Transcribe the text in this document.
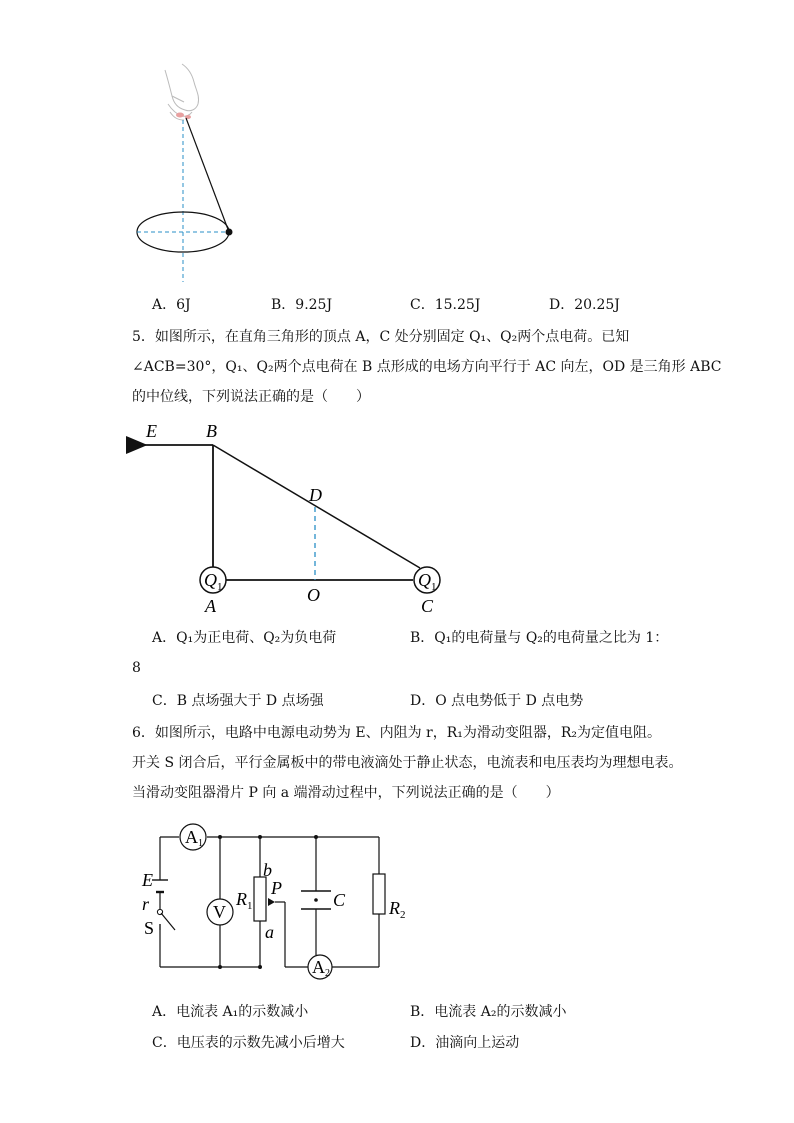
A．6J	B．9.25J	C．15.25J	D．20.25J
5．如图所示，在直角三角形的顶点 A，C 处分别固定 Q₁、Q₂两个点电荷。已知
∠ACB=30°，Q₁、Q₂两个点电荷在 B 点形成的电场方向平行于 AC 向左，OD 是三角形 ABC
的中位线，下列说法正确的是（　　）
$Q_1$	$Q_1$
E	B
D
A
O
C
A．Q₁为正电荷、Q₂为负电荷	B．Q₁的电荷量与 Q₂的电荷量之比为 1：
8
C．B 点场强大于 D 点场强	D．O 点电势低于 D 点电势
6．如图所示，电路中电源电动势为 E、内阻为 r，R₁为滑动变阻器，R₂为定值电阻。
开关 S 闭合后，平行金属板中的带电液滴处于静止状态，电流表和电压表均为理想电表。
当滑动变阻器滑片 P 向 a 端滑动过程中，下列说法正确的是（　　）
A1
A2
V
E
r
S
$R_1$
b
P
a
C $R_2$
A．电流表 A₁的示数减小	B．电流表 A₂的示数减小
C．电压表的示数先减小后增大	D．油滴向上运动
